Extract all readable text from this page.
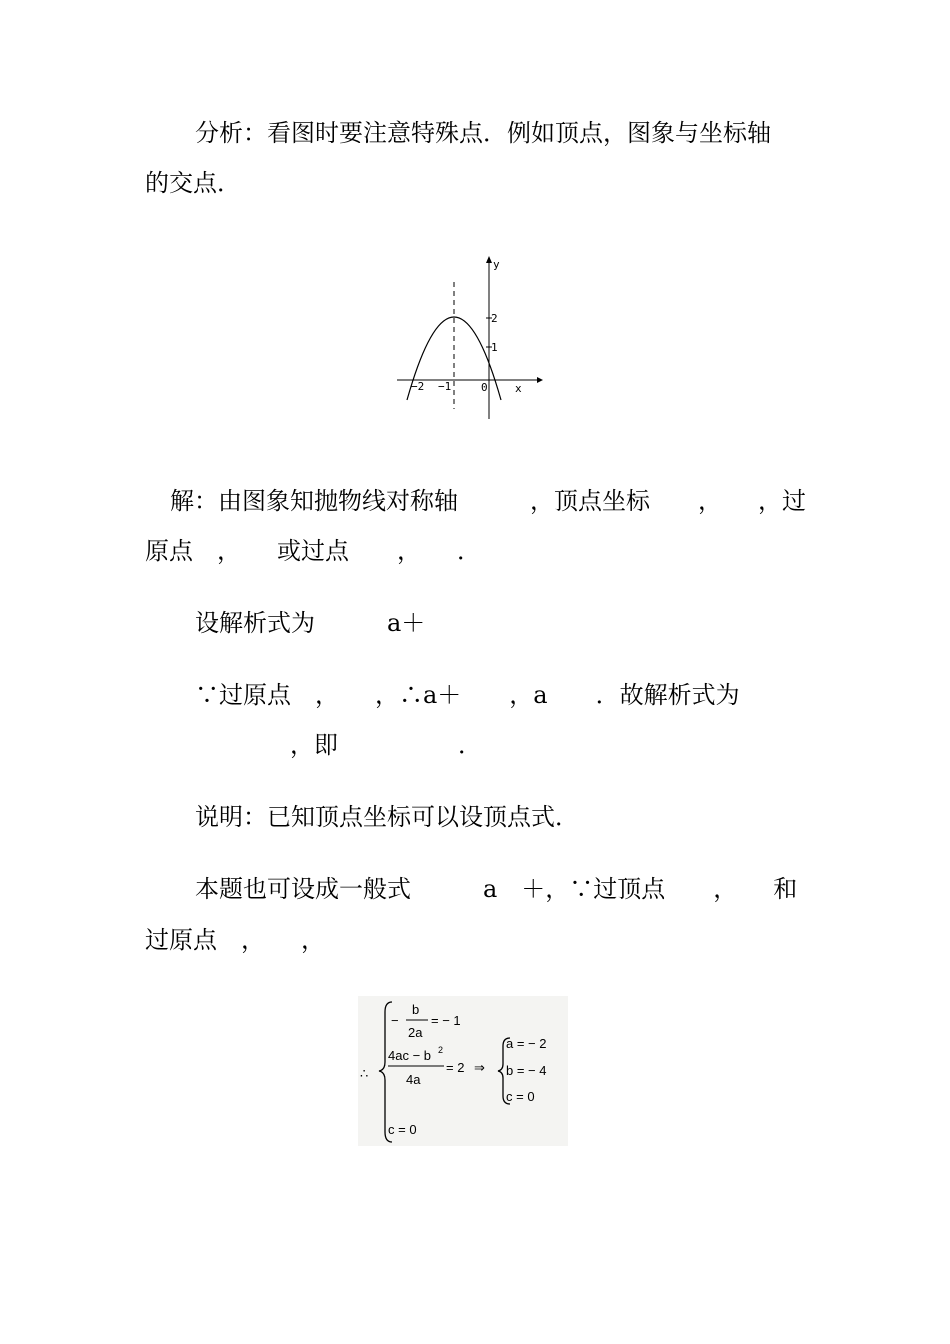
分析：看图时要注意特殊点．例如顶点，图象与坐标轴
的交点．
y
x
2
1
−2 −1	0
解：由图象知抛物线对称轴　　　，顶点坐标　　，　　，过
原点　，　　或过点　　，　　．
设解析式为　　　a＋
∵过原点　，　　，∴a＋　　，a　　．故解析式为
，即　　　　　．
说明：已知顶点坐标可以设顶点式．
本题也可设成一般式　　　a　＋，∵过顶点　　，　　和
过原点　，　　，
∴
−
b
2a
= − 1
4ac − b 2
4a
= 2 ⇒
c = 0
a = − 2
b = − 4
c = 0
